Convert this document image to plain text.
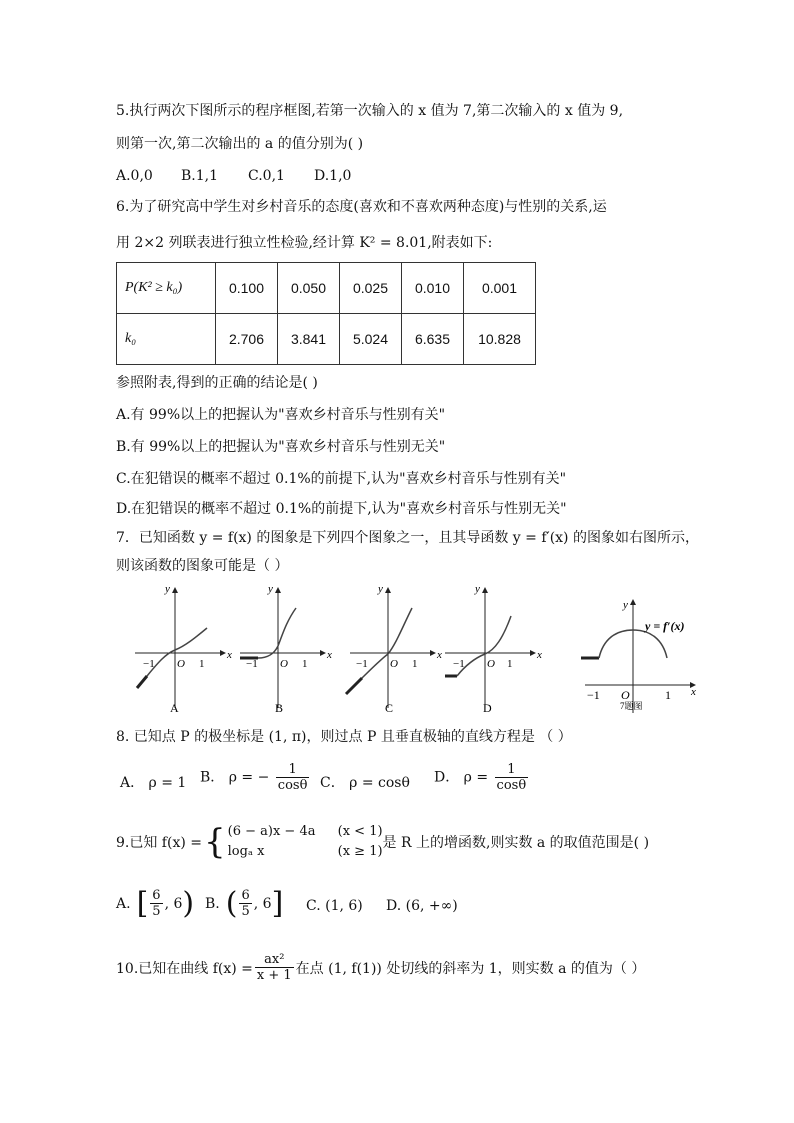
5.执行两次下图所示的程序框图,若第一次输入的 x 值为 7,第二次输入的 x 值为 9,
则第一次,第二次输出的 a 的值分别为( )
A.0,0 B.1,1 C.0,1 D.1,0
6.为了研究高中学生对乡村音乐的态度(喜欢和不喜欢两种态度)与性别的关系,运
用 2×2 列联表进行独立性检验,经计算 K² = 8.01,附表如下:
P(K² ≥ k₀)	0.100	0.050	0.025	0.010	0.001
k₀	2.706	3.841	5.024	6.635	10.828
参照附表,得到的正确的结论是( )
A.有 99%以上的把握认为"喜欢乡村音乐与性别有关"
B.有 99%以上的把握认为"喜欢乡村音乐与性别无关"
C.在犯错误的概率不超过 0.1%的前提下,认为"喜欢乡村音乐与性别有关"
D.在犯错误的概率不超过 0.1%的前提下,认为"喜欢乡村音乐与性别无关"
7．已知函数 y = f(x) 的图象是下列四个图象之一，且其导函数 y = f′(x) 的图象如右图所示，
则该函数的图象可能是（ ）
y
x
O
−1	1
A
y
x
O
−1	1
B
y
x
O
−1	1
C
y
x
O
−1	1
D
y
x
O
−1	1
y = f′(x)
7题图
8. 已知点 P 的极坐标是 (1, π)，则过点 P 且垂直极轴的直线方程是 （ ）
A． ρ = 1 B． ρ = − $\frac{1}{\cos\theta}$ C． ρ = cosθ D． $\rho = \frac{1}{\cos\theta}$
9.已知 f(x) = { (6 − a)x − 4a (x < 1)
logₐ x	(x ≥ 1)
是 R 上的增函数,则实数 a 的取值范围是( )
A. [ $\frac{6}{5}$ , 6 ) B. ( $\frac{6}{5}$ , 6 ] C. (1, 6) D. (6, +∞)
10.已知在曲线 $f(x) = \frac{\text{ax²}}{x + 1}$ 在点 (1, f(1)) 处切线的斜率为 1，则实数 a 的值为（ ）
